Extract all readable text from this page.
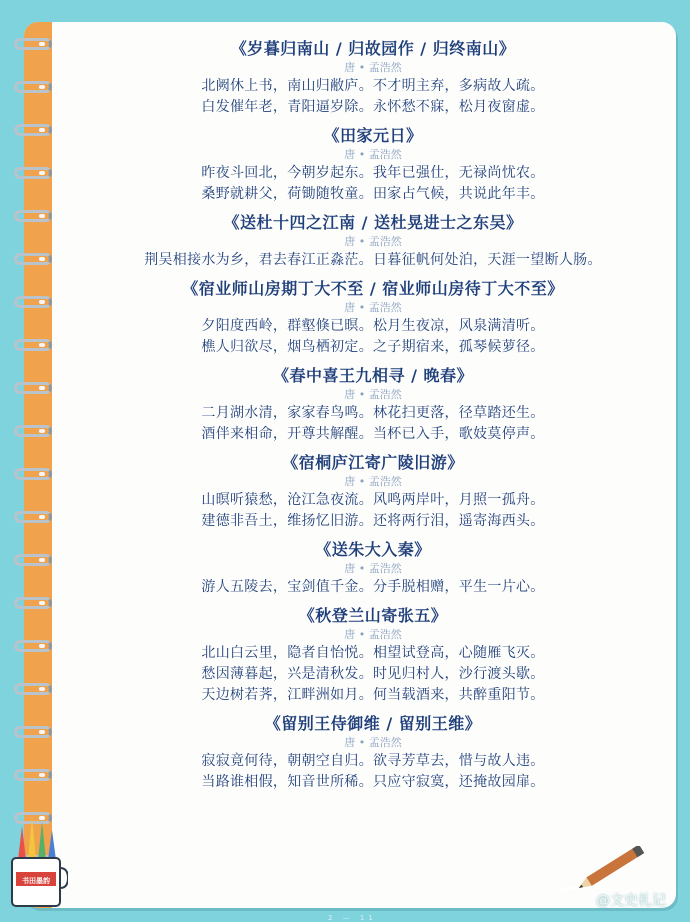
《岁暮归南山 / 归故园作 / 归终南山》
唐 • 孟浩然
北阙休上书，南山归敝庐。不才明主弃，多病故人疏。
白发催年老，青阳逼岁除。永怀愁不寐，松月夜窗虚。
《田家元日》
唐 • 孟浩然
昨夜斗回北，今朝岁起东。我年已强仕，无禄尚忧农。
桑野就耕父，荷锄随牧童。田家占气候，共说此年丰。
《送杜十四之江南 / 送杜晃进士之东吴》
唐 • 孟浩然
荆吴相接水为乡，君去春江正淼茫。日暮征帆何处泊，天涯一望断人肠。
《宿业师山房期丁大不至 / 宿业师山房待丁大不至》
唐 • 孟浩然
夕阳度西岭，群壑倏已暝。松月生夜凉，风泉满清听。
樵人归欲尽，烟鸟栖初定。之子期宿来，孤琴候萝径。
《春中喜王九相寻 / 晚春》
唐 • 孟浩然
二月湖水清，家家春鸟鸣。林花扫更落，径草踏还生。
酒伴来相命，开尊共解醒。当杯已入手，歌妓莫停声。
《宿桐庐江寄广陵旧游》
唐 • 孟浩然
山暝听猿愁，沧江急夜流。风鸣两岸叶，月照一孤舟。
建德非吾土，维扬忆旧游。还将两行泪，遥寄海西头。
《送朱大入秦》
唐 • 孟浩然
游人五陵去，宝剑值千金。分手脱相赠，平生一片心。
《秋登兰山寄张五》
唐 • 孟浩然
北山白云里，隐者自怡悦。相望试登高，心随雁飞灭。
愁因薄暮起，兴是清秋发。时见归村人，沙行渡头歇。
天边树若荠，江畔洲如月。何当载酒来，共醉重阳节。
《留别王侍御维 / 留别王维》
唐 • 孟浩然
寂寂竟何待，朝朝空自归。欲寻芳草去，惜与故人违。
当路谁相假，知音世所稀。只应守寂寞，还掩故园扉。
书田墨韵
2 — 11
@文史札记
